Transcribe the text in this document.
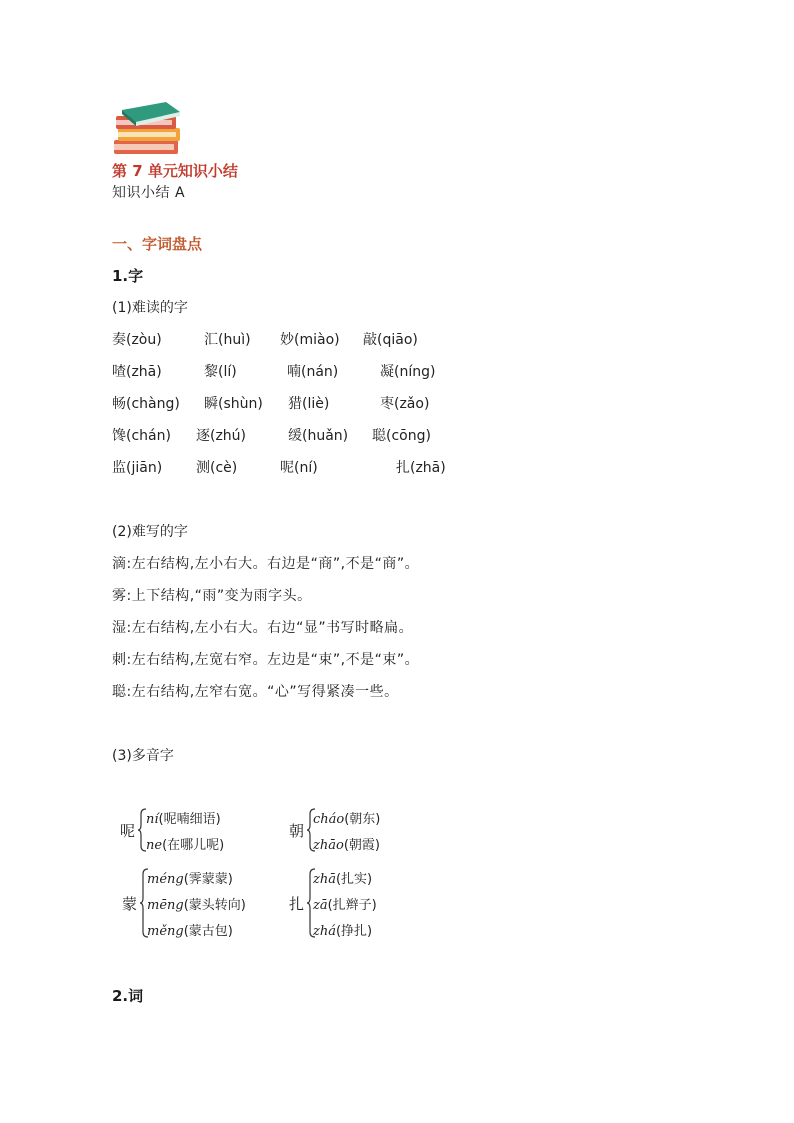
第 7 单元知识小结
知识小结 A
一、字词盘点
1.字
(1)难读的字
奏(zòu)	汇(huì) 妙(miào) 敲(qiāo)
喳(zhā)	黎(lí)	喃(nán)	凝(níng)
畅(chàng) 瞬(shùn) 猎(liè)	枣(zǎo)
馋(chán) 逐(zhú)	缓(huǎn) 聪(cōng)
监(jiān) 测(cè)	呢(ní)	扎(zhā)
(2)难写的字
滴:左右结构,左小右大。右边是“商”,不是“商”。
雾:上下结构,“雨”变为雨字头。
湿:左右结构,左小右大。右边“显”书写时略扁。
刺:左右结构,左宽右窄。左边是“束”,不是“束”。
聪:左右结构,左窄右宽。“心”写得紧凑一些。
(3)多音字
呢
ní(呢喃细语)
ne(在哪儿呢)
朝
cháo(朝东)
zhāo(朝霞)
蒙
méng(霁蒙蒙)
mēng(蒙头转向)
měng(蒙古包)
扎
zhā(扎实)
zā(扎辫子)
zhá(挣扎)
2.词
